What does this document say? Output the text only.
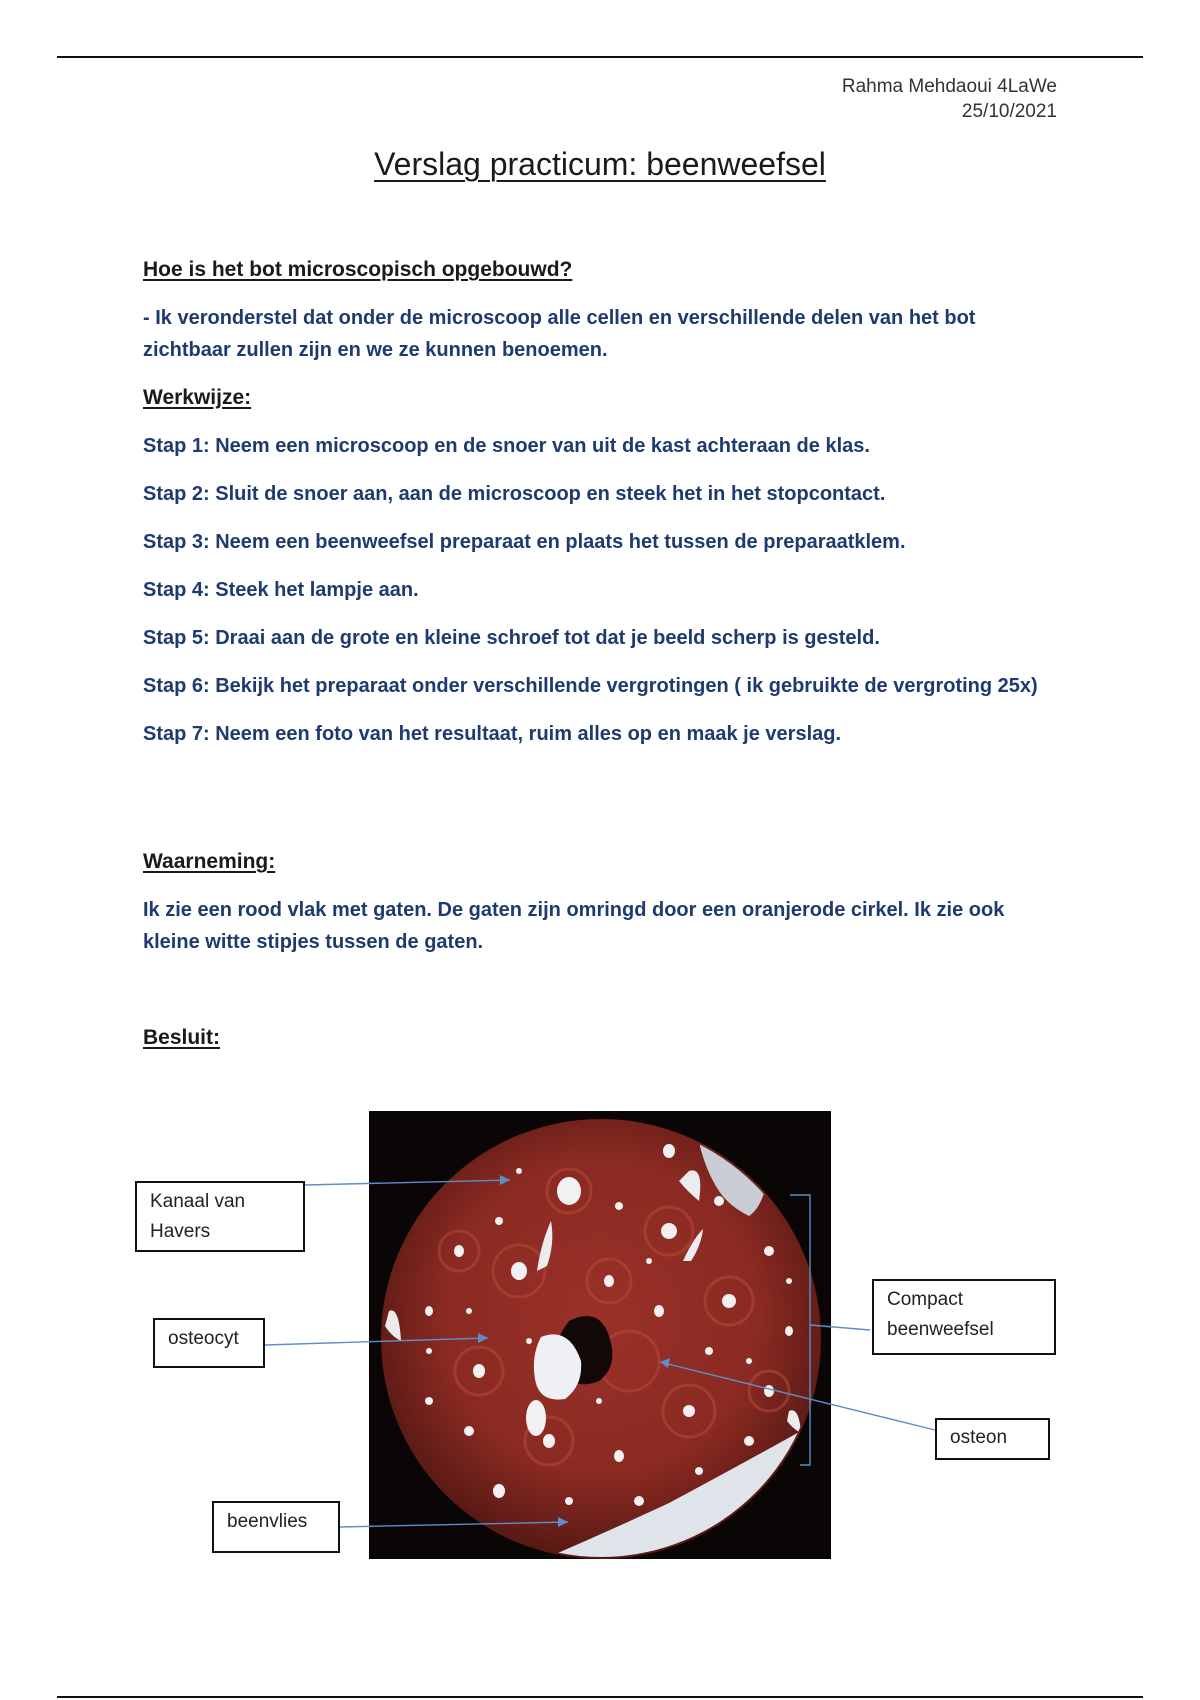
Rahma Mehdaoui 4LaWe
25/10/2021
Verslag practicum: beenweefsel

Hoe is het bot microscopisch opgebouwd?

- Ik veronderstel dat onder de microscoop alle cellen en verschillende delen van het bot zichtbaar zullen zijn en we ze kunnen benoemen.

Werkwijze:

Stap 1: Neem een microscoop en de snoer van uit de kast achteraan de klas.

Stap 2: Sluit de snoer aan, aan de microscoop en steek het in het stopcontact.

Stap 3: Neem een beenweefsel preparaat en plaats het tussen de preparaatklem.

Stap 4: Steek het lampje aan.

Stap 5: Draai aan de grote en kleine schroef tot dat je beeld scherp is gesteld.

Stap 6: Bekijk het preparaat onder verschillende vergrotingen ( ik gebruikte de vergroting 25x)

Stap 7: Neem een foto van het resultaat, ruim alles op en maak je verslag.

Waarneming:

Ik zie een rood vlak met gaten. De gaten zijn omringd door een oranjerode cirkel. Ik zie ook kleine witte stipjes tussen de gaten.

Besluit:

Kanaal van
Havers
osteocyt
beenvlies
Compact
beenweefsel
osteon
